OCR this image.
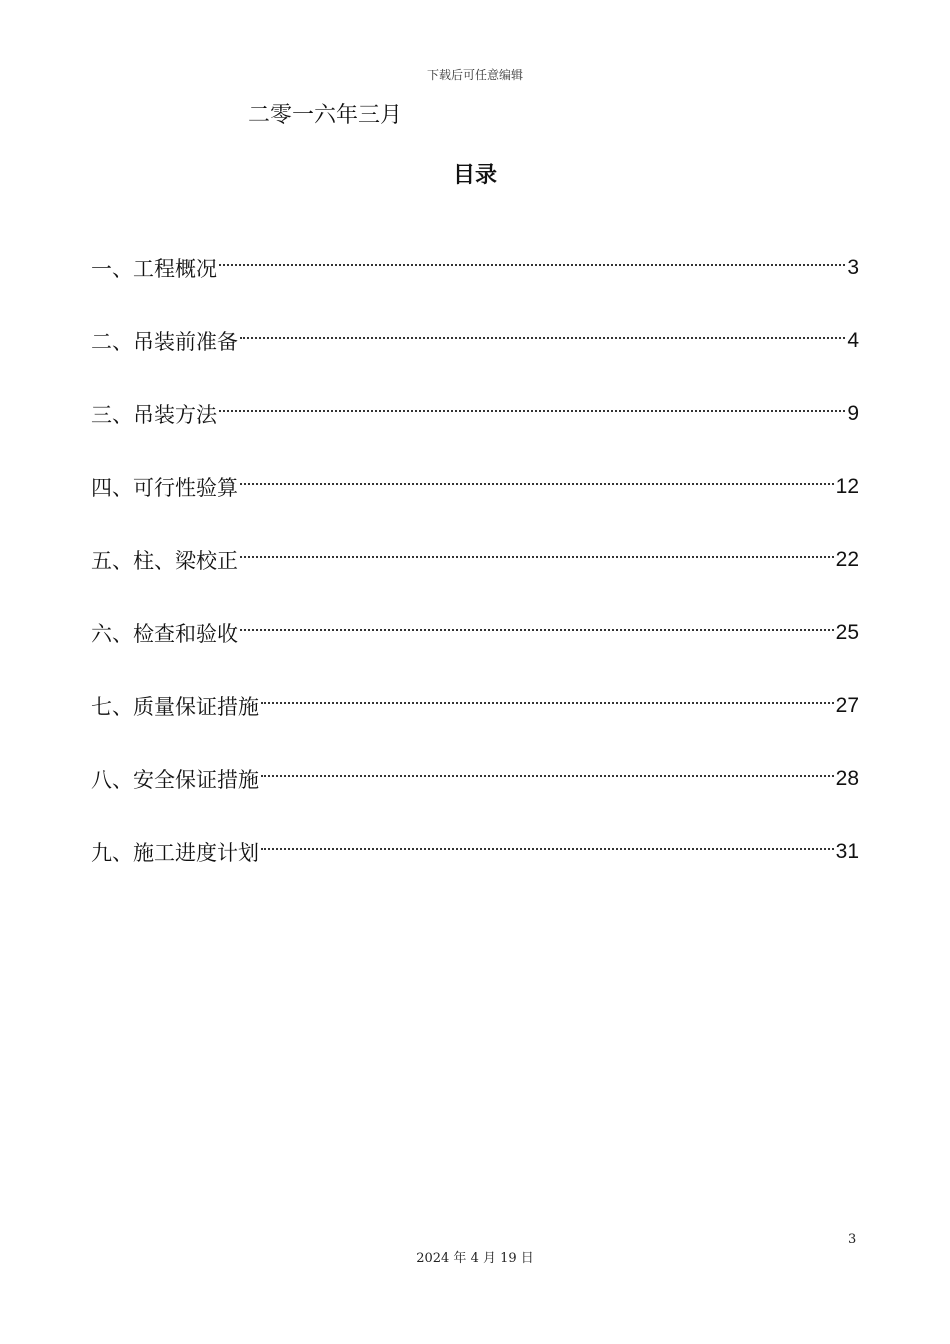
下载后可任意编辑
二零一六年三月
目录
一、工程概况	3
二、吊装前准备	4
三、吊装方法	9
四、可行性验算	12
五、柱、梁校正	22
六、检查和验收	25
七、质量保证措施	27
八、安全保证措施	28
九、施工进度计划	31
3
2024 年 4 月 19 日
